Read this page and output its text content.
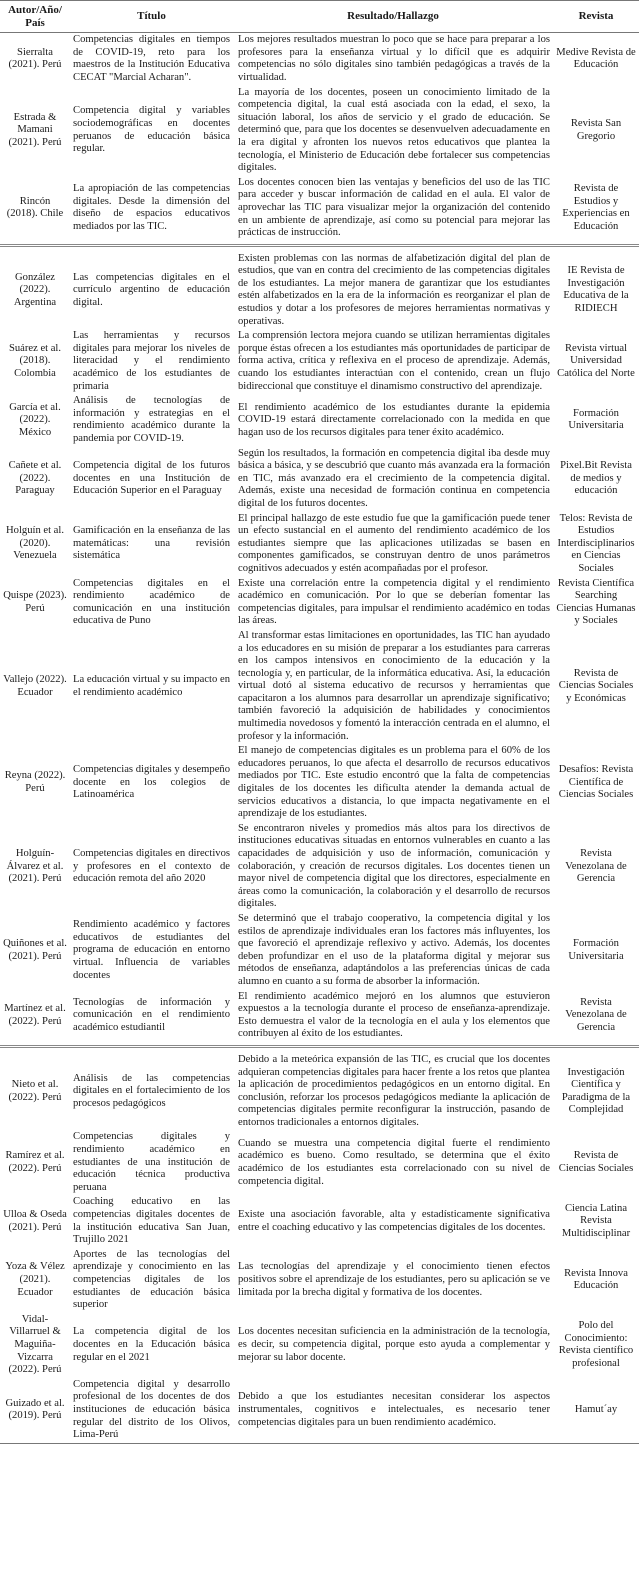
Autor/Año/ País	Título	Resultado/Hallazgo	Revista
Sierralta (2021). Perú	Competencias digitales en tiempos de COVID-19, reto para los maestros de la Institución Educativa CECAT "Marcial Acharan".	Los mejores resultados muestran lo poco que se hace para preparar a los profesores para la enseñanza virtual y lo difícil que es adquirir competencias no sólo digitales sino también pedagógicas a través de la virtualidad.	Medive Revista de Educación
Estrada & Mamani (2021). Perú	Competencia digital y variables sociodemográficas en docentes peruanos de educación básica regular.	La mayoría de los docentes, poseen un conocimiento limitado de la competencia digital, la cual está asociada con la edad, el sexo, la situación laboral, los años de servicio y el grado de educación. Se determinó que, para que los docentes se desenvuelven adecuadamente en la era digital y afronten los nuevos retos educativos que plantea la tecnología, el Ministerio de Educación debe fortalecer sus competencias digitales.	Revista San Gregorio
Rincón (2018). Chile	La apropiación de las competencias digitales. Desde la dimensión del diseño de espacios educativos mediados por las TIC.	Los docentes conocen bien las ventajas y beneficios del uso de las TIC para acceder y buscar información de calidad en el aula. El valor de aprovechar las TIC para visualizar mejor la organización del contenido en un ambiente de aprendizaje, así como su potencial para mejorar las prácticas de instrucción.	Revista de Estudios y Experiencias en Educación
González (2022). Argentina	Las competencias digitales en el currículo argentino de educación digital.	Existen problemas con las normas de alfabetización digital del plan de estudios, que van en contra del crecimiento de las competencias digitales de los estudiantes. La mejor manera de garantizar que los estudiantes estén alfabetizados en la era de la información es reorganizar el plan de estudios y dotar a los profesores de mejores herramientas normativas y operativas.	IE Revista de Investigación Educativa de la RIDIECH
Suárez et al. (2018). Colombia	Las herramientas y recursos digitales para mejorar los niveles de literacidad y el rendimiento académico de los estudiantes de primaria	La comprensión lectora mejora cuando se utilizan herramientas digitales porque éstas ofrecen a los estudiantes más oportunidades de participar de forma activa, crítica y reflexiva en el proceso de aprendizaje. Además, cuando los estudiantes interactúan con el contenido, crean un flujo bidireccional que constituye el dinamismo constructivo del aprendizaje.	Revista virtual Universidad Católica del Norte
García et al. (2022). México	Análisis de tecnologías de información y estrategias en el rendimiento académico durante la pandemia por COVID-19.	El rendimiento académico de los estudiantes durante la epidemia COVID-19 estará directamente correlacionado con la medida en que hagan uso de los recursos digitales para tener éxito académico.	Formación Universitaria
Cañete et al. (2022). Paraguay	Competencia digital de los futuros docentes en una Institución de Educación Superior en el Paraguay	Según los resultados, la formación en competencia digital iba desde muy básica a básica, y se descubrió que cuanto más avanzada era la formación en TIC, más avanzado era el crecimiento de la competencia digital. Además, existe una necesidad de formación continua en competencia digital de los futuros docentes.	Pixel.Bit Revista de medios y educación
Holguín et al. (2020). Venezuela	Gamificación en la enseñanza de las matemáticas: una revisión sistemática	El principal hallazgo de este estudio fue que la gamificación puede tener un efecto sustancial en el aumento del rendimiento académico de los estudiantes siempre que las aplicaciones utilizadas se basen en componentes gamificados, se construyan dentro de unos parámetros cognitivos adecuados y estén acompañadas por el profesor.	Telos: Revista de Estudios Interdisciplinarios en Ciencias Sociales
Quispe (2023). Perú	Competencias digitales en el rendimiento académico de comunicación en una institución educativa de Puno	Existe una correlación entre la competencia digital y el rendimiento académico en comunicación. Por lo que se deberían fomentar las competencias digitales, para impulsar el rendimiento académico en todas las áreas.	Revista Científica Searching Ciencias Humanas y Sociales
Vallejo (2022). Ecuador	La educación virtual y su impacto en el rendimiento académico	Al transformar estas limitaciones en oportunidades, las TIC han ayudado a los educadores en su misión de preparar a los estudiantes para carreras en los campos intensivos en conocimiento de la educación y la tecnología y, en particular, de la informática educativa. Así, la educación virtual dotó al sistema educativo de recursos y herramientas que capacitaron a los alumnos para desarrollar un aprendizaje significativo; también favoreció la adquisición de habilidades y conocimientos multimedia novedosos y fomentó la interacción centrada en el alumno, el profesor y la información.	Revista de Ciencias Sociales y Económicas
Reyna (2022). Perú	Competencias digitales y desempeño docente en los colegios de Latinoamérica	El manejo de competencias digitales es un problema para el 60% de los educadores peruanos, lo que afecta el desarrollo de recursos educativos mediados por TIC. Este estudio encontró que la falta de competencias digitales de los docentes les dificulta atender la demanda actual de servicios educativos a distancia, lo que impacta negativamente en el aprendizaje de los estudiantes.	Desafíos: Revista Científica de Ciencias Sociales
Holguín-Álvarez et al. (2021). Perú	Competencias digitales en directivos y profesores en el contexto de educación remota del año 2020	Se encontraron niveles y promedios más altos para los directivos de instituciones educativas situadas en entornos vulnerables en cuanto a las capacidades de adquisición y uso de información, comunicación y colaboración, y creación de recursos digitales. Los docentes tienen un mayor nivel de competencia digital que los directores, especialmente en áreas como la comunicación, la colaboración y el desarrollo de recursos digitales.	Revista Venezolana de Gerencia
Quiñones et al. (2021). Perú	Rendimiento académico y factores educativos de estudiantes del programa de educación en entorno virtual. Influencia de variables docentes	Se determinó que el trabajo cooperativo, la competencia digital y los estilos de aprendizaje individuales eran los factores más influyentes, los que favoreció el aprendizaje reflexivo y activo. Además, los docentes deben profundizar en el uso de la plataforma digital y mejorar sus métodos de enseñanza, adaptándolos a las preferencias únicas de cada alumno en cuanto a su forma de absorber la información.	Formación Universitaria
Martínez et al. (2022). Perú	Tecnologías de información y comunicación en el rendimiento académico estudiantil	El rendimiento académico mejoró en los alumnos que estuvieron expuestos a la tecnología durante el proceso de enseñanza-aprendizaje. Esto demuestra el valor de la tecnología en el aula y los elementos que contribuyen al éxito de los estudiantes.	Revista Venezolana de Gerencia
Nieto et al. (2022). Perú	Análisis de las competencias digitales en el fortalecimiento de los procesos pedagógicos	Debido a la meteórica expansión de las TIC, es crucial que los docentes adquieran competencias digitales para hacer frente a los retos que plantea la aplicación de procedimientos pedagógicos en un entorno digital. En conclusión, reforzar los procesos pedagógicos mediante la aplicación de competencias digitales permite reconfigurar la instrucción, pasando de entornos tradicionales a entornos digitales.	Investigación Científica y Paradigma de la Complejidad
Ramírez et al. (2022). Perú	Competencias digitales y rendimiento académico en estudiantes de una institución de educación técnica productiva peruana	Cuando se muestra una competencia digital fuerte el rendimiento académico es bueno. Como resultado, se determina que el éxito académico de los estudiantes esta correlacionado con su nivel de competencia digital.	Revista de Ciencias Sociales
Ulloa & Oseda (2021). Perú	Coaching educativo en las competencias digitales docentes de la institución educativa San Juan, Trujillo 2021	Existe una asociación favorable, alta y estadísticamente significativa entre el coaching educativo y las competencias digitales de los docentes.	Ciencia Latina Revista Multidisciplinar
Yoza & Vélez (2021). Ecuador	Aportes de las tecnologías del aprendizaje y conocimiento en las competencias digitales de los estudiantes de educación básica superior	Las tecnologías del aprendizaje y el conocimiento tienen efectos positivos sobre el aprendizaje de los estudiantes, pero su aplicación se ve limitada por la brecha digital y formativa de los docentes.	Revista Innova Educación
Vidal-Villarruel & Maguiña-Vizcarra (2022). Perú	La competencia digital de los docentes en la Educación básica regular en el 2021	Los docentes necesitan suficiencia en la administración de la tecnología, es decir, su competencia digital, porque esto ayuda a complementar y mejorar su labor docente.	Polo del Conocimiento: Revista científico profesional
Guizado et al. (2019). Perú	Competencia digital y desarrollo profesional de los docentes de dos instituciones de educación básica regular del distrito de los Olivos, Lima-Perú	Debido a que los estudiantes necesitan considerar los aspectos instrumentales, cognitivos e intelectuales, es necesario tener competencias digitales para un buen rendimiento académico.	Hamut´ay
